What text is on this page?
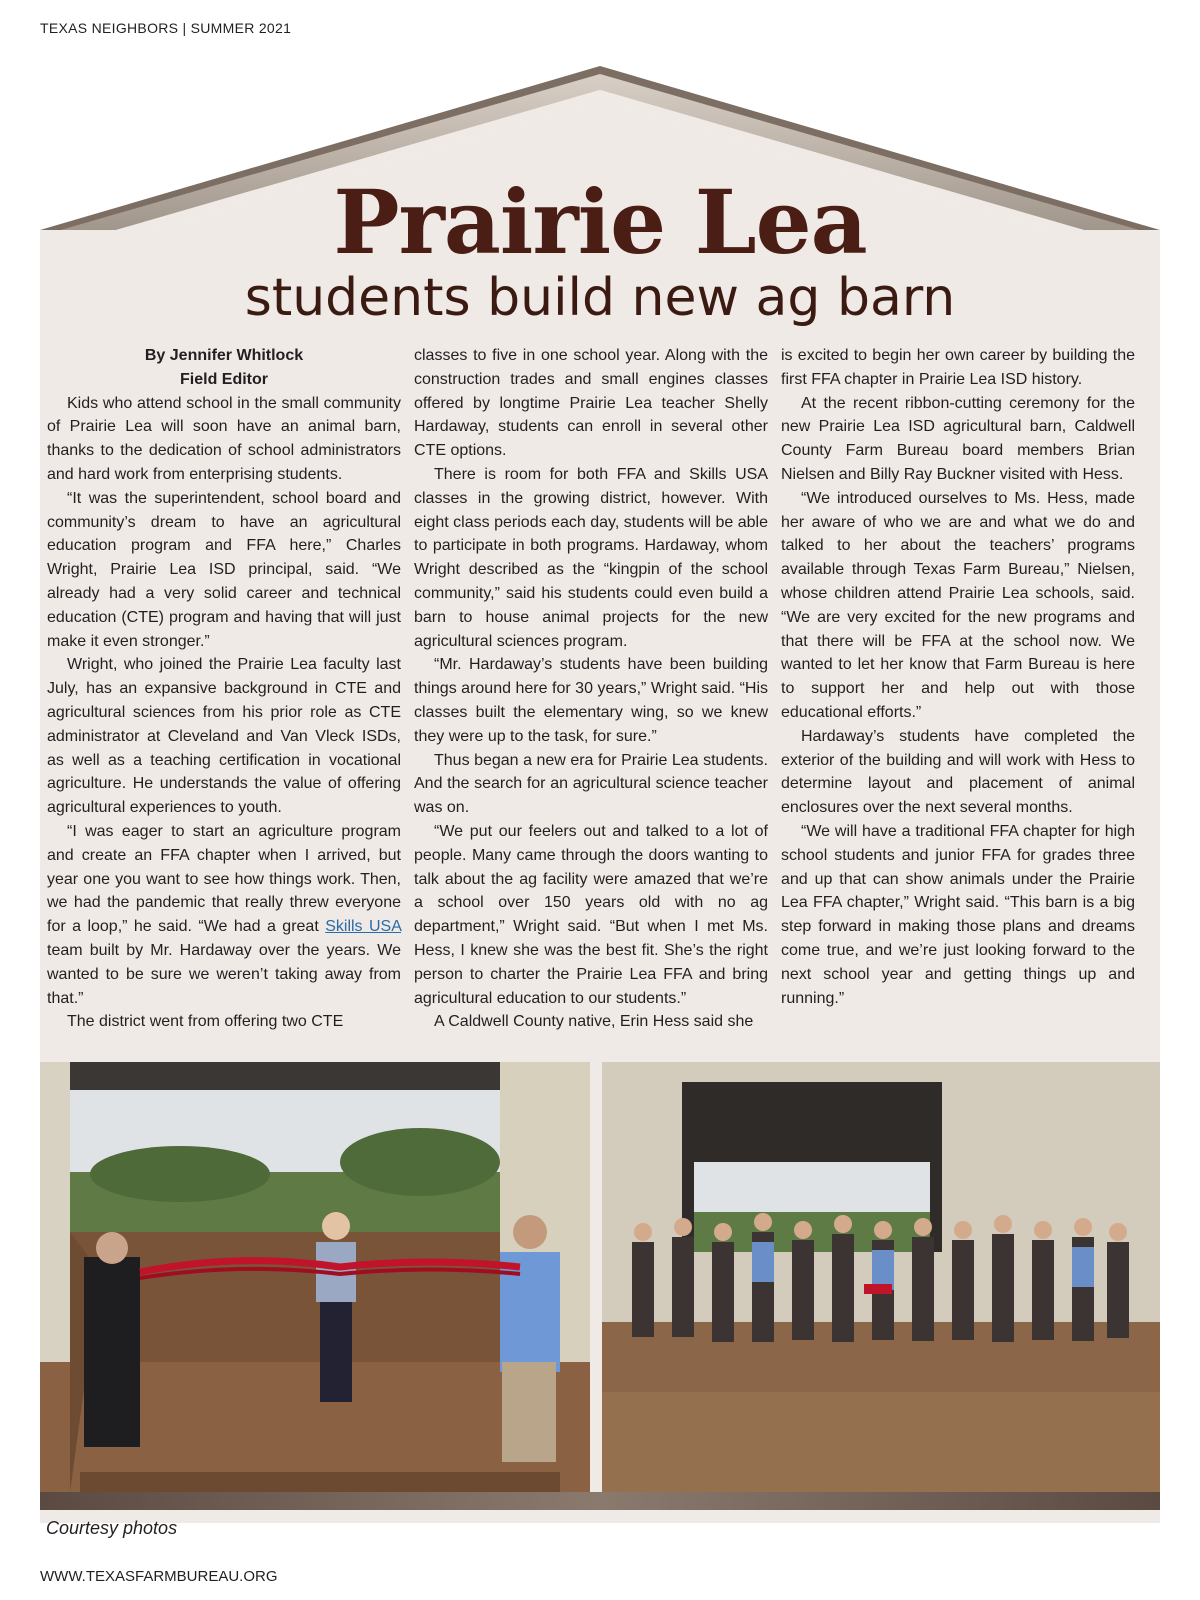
TEXAS NEIGHBORS | SUMMER 2021
Prairie Lea
students build new ag barn
By Jennifer Whitlock
Field Editor

Kids who attend school in the small community of Prairie Lea will soon have an animal barn, thanks to the dedication of school administrators and hard work from enterprising students.

“It was the superintendent, school board and community’s dream to have an agricultural education program and FFA here,” Charles Wright, Prairie Lea ISD principal, said. “We already had a very solid career and technical education (CTE) program and having that will just make it even stronger.”

Wright, who joined the Prairie Lea faculty last July, has an expansive background in CTE and agricultural sciences from his prior role as CTE administrator at Cleveland and Van Vleck ISDs, as well as a teaching certification in vocational agriculture. He understands the value of offering agricultural experiences to youth.

“I was eager to start an agriculture program and create an FFA chapter when I arrived, but year one you want to see how things work. Then, we had the pandemic that really threw everyone for a loop,” he said. “We had a great Skills USA team built by Mr. Hardaway over the years. We wanted to be sure we weren’t taking away from that.”

The district went from offering two CTE

classes to five in one school year. Along with the construction trades and small engines classes offered by longtime Prairie Lea teacher Shelly Hardaway, students can enroll in several other CTE options.

There is room for both FFA and Skills USA classes in the growing district, however. With eight class periods each day, students will be able to participate in both programs. Hardaway, whom Wright described as the “kingpin of the school community,” said his students could even build a barn to house animal projects for the new agricultural sciences program.

“Mr. Hardaway’s students have been building things around here for 30 years,” Wright said. “His classes built the elementary wing, so we knew they were up to the task, for sure.”

Thus began a new era for Prairie Lea students. And the search for an agricultural science teacher was on.

“We put our feelers out and talked to a lot of people. Many came through the doors wanting to talk about the ag facility were amazed that we’re a school over 150 years old with no ag department,” Wright said. “But when I met Ms. Hess, I knew she was the best fit. She’s the right person to charter the Prairie Lea FFA and bring agricultural education to our students.”

A Caldwell County native, Erin Hess said she

is excited to begin her own career by building the first FFA chapter in Prairie Lea ISD history.

At the recent ribbon-cutting ceremony for the new Prairie Lea ISD agricultural barn, Caldwell County Farm Bureau board members Brian Nielsen and Billy Ray Buckner visited with Hess.

“We introduced ourselves to Ms. Hess, made her aware of who we are and what we do and talked to her about the teachers’ programs available through Texas Farm Bureau,” Nielsen, whose children attend Prairie Lea schools, said. “We are very excited for the new programs and that there will be FFA at the school now. We wanted to let her know that Farm Bureau is here to support her and help out with those educational efforts.”

Hardaway’s students have completed the exterior of the building and will work with Hess to determine layout and placement of animal enclosures over the next several months.

“We will have a traditional FFA chapter for high school students and junior FFA for grades three and up that can show animals under the Prairie Lea FFA chapter,” Wright said. “This barn is a big step forward in making those plans and dreams come true, and we’re just looking forward to the next school year and getting things up and running.”

Courtesy photos
WWW.TEXASFARMBUREAU.ORG
